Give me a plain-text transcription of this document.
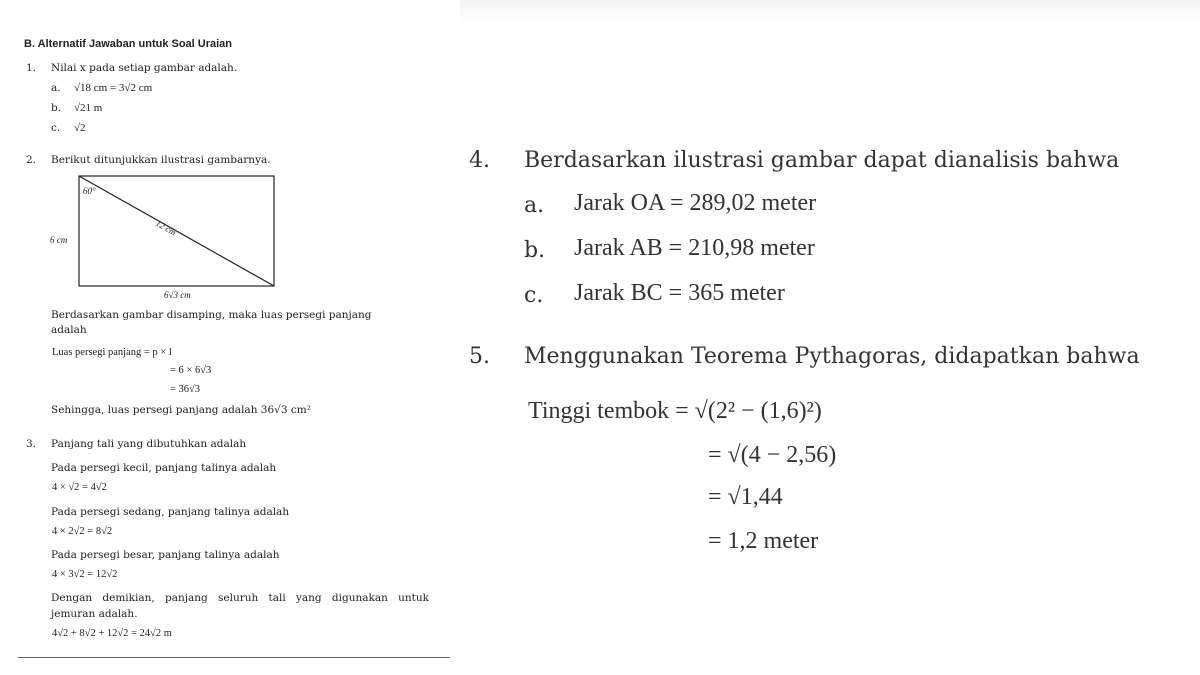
B. Alternatif Jawaban untuk Soal Uraian
1. Nilai x pada setiap gambar adalah.
a. √18 cm = 3√2 cm
b. √21 m
c. √2
2. Berikut ditunjukkan ilustrasi gambarnya.
60°
12 cm
6 cm
6√3 cm
Berdasarkan gambar disamping, maka luas persegi panjang
adalah
Luas persegi panjang = p × l
= 6 × 6√3
= 36√3
Sehingga, luas persegi panjang adalah 36√3 cm²
3. Panjang tali yang dibutuhkan adalah
Pada persegi kecil, panjang talinya adalah
4 × √2 = 4√2
Pada persegi sedang, panjang talinya adalah
4 × 2√2 = 8√2
Pada persegi besar, panjang talinya adalah
4 × 3√2 = 12√2
Dengan demikian, panjang seluruh tali yang digunakan untuk
jemuran adalah.
4√2 + 8√2 + 12√2 = 24√2 m
4. Berdasarkan ilustrasi gambar dapat dianalisis bahwa
a. Jarak OA = 289,02 meter
b. Jarak AB = 210,98 meter
c. Jarak BC = 365 meter
5. Menggunakan Teorema Pythagoras, didapatkan bahwa
Tinggi tembok = √(2² − (1,6)²)
= √(4 − 2,56)
= √1,44
= 1,2 meter
